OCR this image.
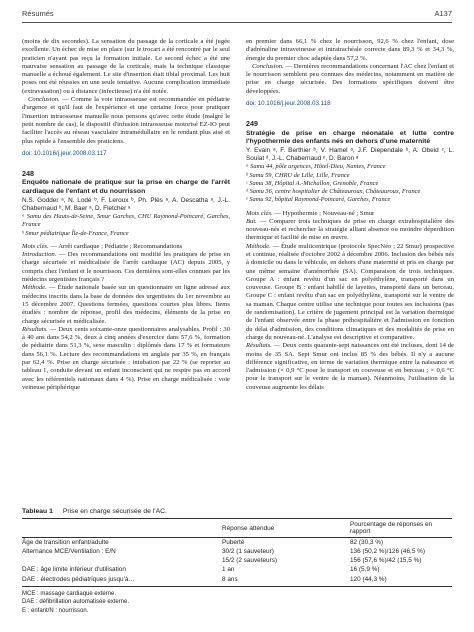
Résumés	A137

(moins de dix secondes). La sensation du passage de la corticale a été jugée excellente. Un échec de mise en place (sur le trocart a été rencontré par le seul praticien n'ayant pas reçu la formation initiale. Le second échec a été une mauvaise sensation au passage de la corticale, mais la technique classique manuelle a échoué également. Le site d'insertion était tibial proximal. Les huit poses ont été réussies en une seule tentative. Aucune complication immédiate (extravasation) ou à distance (infectieuse) n'a été notée.

Conclusion. — Comme la voie intraosseuse est recommandée en pédiatrie d'urgence et qu'il faut de l'expérience et une certaine force pour pratiquer l'insertion intraosseuse manuelle nous pensons qu'avec cette étude (malgré le petit nombre de cas), le dispositif d'infusion intraosseuse motorisé EZ-IO peut faciliter l'accès au réseau vasculaire intramédullaire en le rendant plus aisé et plus rapide à l'ensemble des praticiens.

doi: 10.1016/j.jeur.2008.03.117
248
Enquête nationale de pratique sur la prise en charge de l'arrêt cardiaque de l'enfant et du nourrisson
N.S. Godder ᵃ, N. Lodé ᵇ, F. Leroux ᵇ, Ph. Plès ᵃ, A. Descatha ᵃ, J.-L. Chabernaud ᵇ, M. Baer ᵃ, D. Fletcher ᵃ
ᵃ Samu des Hauts-de-Seine, Smur Garches, CHU Raymond-Poincaré, Garches, France
ᵇ Smur pédiatrique Île-de-France, France

Mots clés. — Arrêt cardiaque ; Pédiatrie ; Recommandations

Introduction. — Des recommandations ont modifié les pratiques de prise en charge sécurisée et médicalisée de l'arrêt cardiaque (AC) depuis 2005, y compris chez l'enfant et le nourrisson. Ces dernières sont-elles connues par les médecins urgentistes français ?

Méthode. — Étude nationale basée sur un questionnaire en ligne adressé aux médecins inscrits dans la base de données des urgentistes du 1er novembre au 15 décembre 2007. Questions fermées, questions courtes plus libres. Items étudiés : nombre de réponse, profil des médecins, éléments de la prise en charge sécurisée et médicalisée.

Résultats. — Deux cents soixante-onze questionnaires analysables. Profil : 30 à 40 ans dans 54,2 %, deux à cinq années d'exercice dans 57,6 %, formation de pédiatrie dans 51,3 %, sexe masculin : diplômés dans 17 % et formateurs dans 56,1 %. Lecture des recommandations en anglais par 35 %, en français par 62,4 %. Prise en charge sécurisée : intubation par 22 % (se reporter au tableau 1, conduite devant un enfant inconscient qui ne respire pas en accord avec les référentiels nationaux dans 4 %). Prise en charge médicalisée : voie veineuse périphérique

en premier dans 66,1 % chez le nourrisson, 92,6 % chez l'enfant, dose d'adrénaline intraveineuse et intratrachéale correcte dans 89,3 % et 34,3 %, énergie du premier choc adaptée dans 57,2 %.

Conclusion. — Dernières recommandations concernant l'AC chez l'enfant et le nourrisson semblent peu connues des médecins, notamment en matière de prise en charge sécurisée. Des formations spécifiques doivent être développées.

doi: 10.1016/j.jeur.2008.03.118
249
Stratégie de prise en charge néonatale et lutte contre l'hypothermie des enfants nés en dehors d'une maternité
Y. Evain ᵃ, F. Berthier ᵇ, V. Hamel ᵃ, J.F. Diependale ᵇ, A. Obeid ᶜ, L. Soulat ᵈ, J.-L. Chabernaud ᵉ, D. Baron ᵃ
ᵃ Samu 44, pôle urgences, Hôtel-Dieu, Nantes, France
ᵇ Samu 59, CHRU de Lille, Lille, France
ᶜ Samu 38, Hôpital A.-Michallon, Grenoble, France
ᵈ Samu 36, centre hospitalier de Châteauroux, Châteauroux, France
ᵉ Samu 92, hôpital Raymond-Poincaré, Garches, France

Mots clés. — Hypothermie ; Nouveau-né ; Smur

But. — Comparer trois techniques de prise en charge extrahospitalière des nouveau-nés et rechercher la stratégie alliant absence ou moindre déperdition thermique et facilité de mise en œuvre.

Méthode. — Étude multicentrique (protocole SpecNéo ; 22 Smur) prospective et continue, réalisée d'octobre 2002 à décembre 2006. Inclusion des bébés nés à domicile ou dans le véhicule, en dehors d'une maternité et pris en charge par une même semaine d'aménorrhée (SA). Comparaison de trois techniques. Groupe A : enfant revêtu d'un sac en polyéthylène, transporté dans un couveuse. Groupe B : enfant habillé de layettes, transporté dans un berceau. Groupe C : enfant revêtu d'un sac en polyéthylène, transporté sur le ventre de sa maman. Chaque centre utilise une technique pour toutes ses inclusions (pas de randomisation). Le critère de jugement principal est la variation thermique de l'enfant observée entre la phase préhospitalière et l'admission en fonction du délai d'admission, des conditions climatiques et des modalités de prise en charge du nouveau-né. L'analyse est descriptive et comparative.

Résultats. — Deux cents quarante-sept naissances ont été incluses, dont 14 de moins de 35 SA. Sept Smur ont inclus 85 % des bébés. Il n'y a aucune différence significative, en terme de variation thermique entre la naissance et l'admission (× 0,9 °C pour le transport en couveuse et en berceau ; × 0,6 °C pour le transport sur le ventre de la maman). Néanmoins, l'utilisation de la couveuse augmente les délais

Tableau 1 Prise en charge sécurisée de l'AC.
	Réponse attendue	Pourcentage de réponses en rapport
Âge de transition enfant/adulte	Puberté	82 (30,3 %)
Alternance MCE/Ventilation : E/N	30/2 (1 sauveteur)	136 (50,2 %)/126 (46,5 %)
	15/2 (2 sauveteurs)	156 (57,6 %)/42 (15,5 %)
DAE : âge limite inférieur d'utilisation	1 an	16 (5,9 %)
DAE : électrodes pédiatriques jusqu'à…	8 ans	120 (44,3 %)
MCE : massage cardiaque externe.
DAE : défibrillation automatisée externe.
E : enfant/N : nourrisson.
